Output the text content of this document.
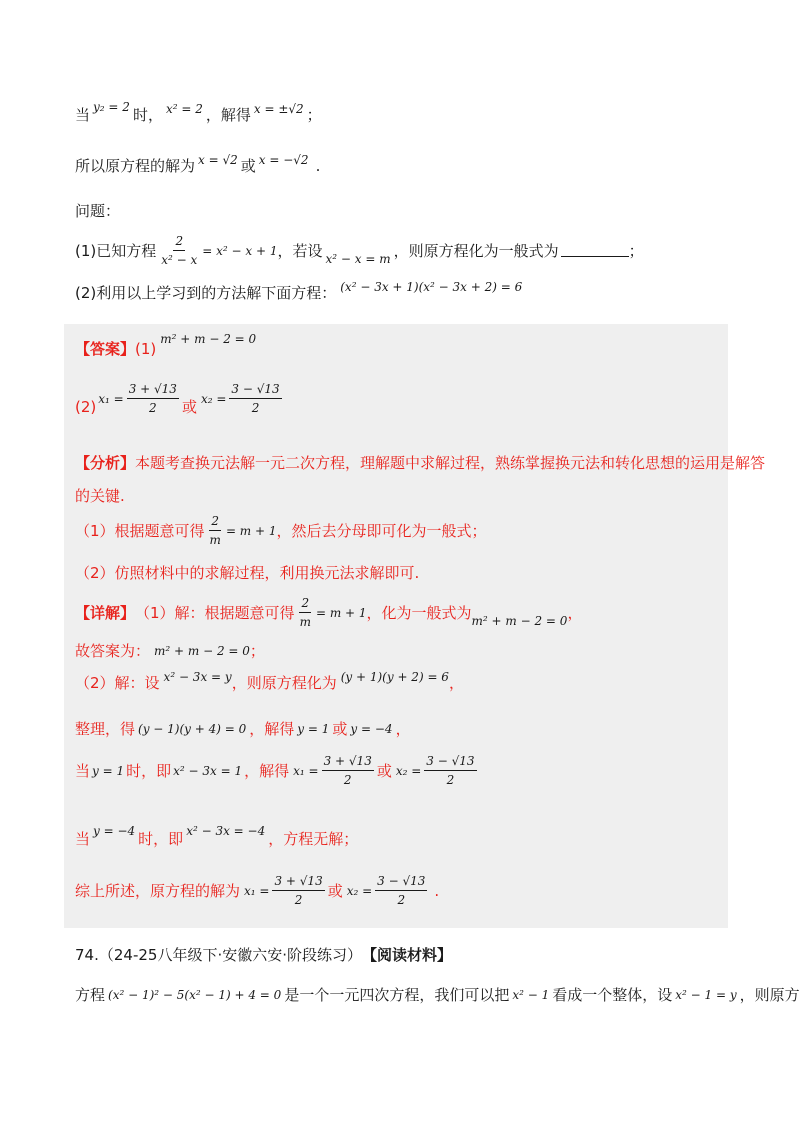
当 y₂ = 2 时， x² = 2 ，解得 x = ±√2 ；
所以原方程的解为 x = √2 或 x = −√2 .
问题：
(1)已知方程 $\frac{2}{\text{x² − x}} = x^2 - x + 1$ ，若设 x² − x = m ，则原方程化为一般式为	；
(2)利用以上学习到的方法解下面方程： (x² − 3x + 1)(x² − 3x + 2) = 6
【答案】 (1)
m² + m − 2 = 0
(2) $x_1 = \frac{3 + √13}{2}$ 或 $x_2 = \frac{3 - √13}{2}$
【分析】 本题考查换元法解一元二次方程，理解题中求解过程，熟练掌握换元法和转化思想的运用是解答
的关键.
（1）根据题意可得 $\frac{2}{m} = m + 1$ ，然后去分母即可化为一般式；
（2）仿照材料中的求解过程，利用换元法求解即可.
【详解】 （1）解：根据题意可得 $\frac{2}{m} = m + 1$ ，化为一般式为 m² + m − 2 = 0 ，
故答案为： m² + m − 2 = 0 ；
（2）解：设 x² − 3x = y ，则原方程化为 (y + 1)(y + 2) = 6 ，
整理，得 (y − 1)(y + 4) = 0 ，解得 y = 1 或 y = −4 ，
当 y = 1 时，即 x² − 3x = 1 ，解得 $x_1 = \frac{3 + √13}{2}$ 或 $x_2 = \frac{3 - √13}{2}$
当 y = −4 时，即 x² − 3x = −4 ，方程无解；
综上所述，原方程的解为 $x_1 = \frac{3 + √13}{2}$ 或 $x_2 = \frac{3 - √13}{2}$ .
74. （24-25八年级下·安徽六安·阶段练习） 【阅读材料】
方程 (x² − 1)² − 5(x² − 1) + 4 = 0 是一个一元四次方程，我们可以把 x² − 1 看成一个整体，设 x² − 1 = y ，则原方
